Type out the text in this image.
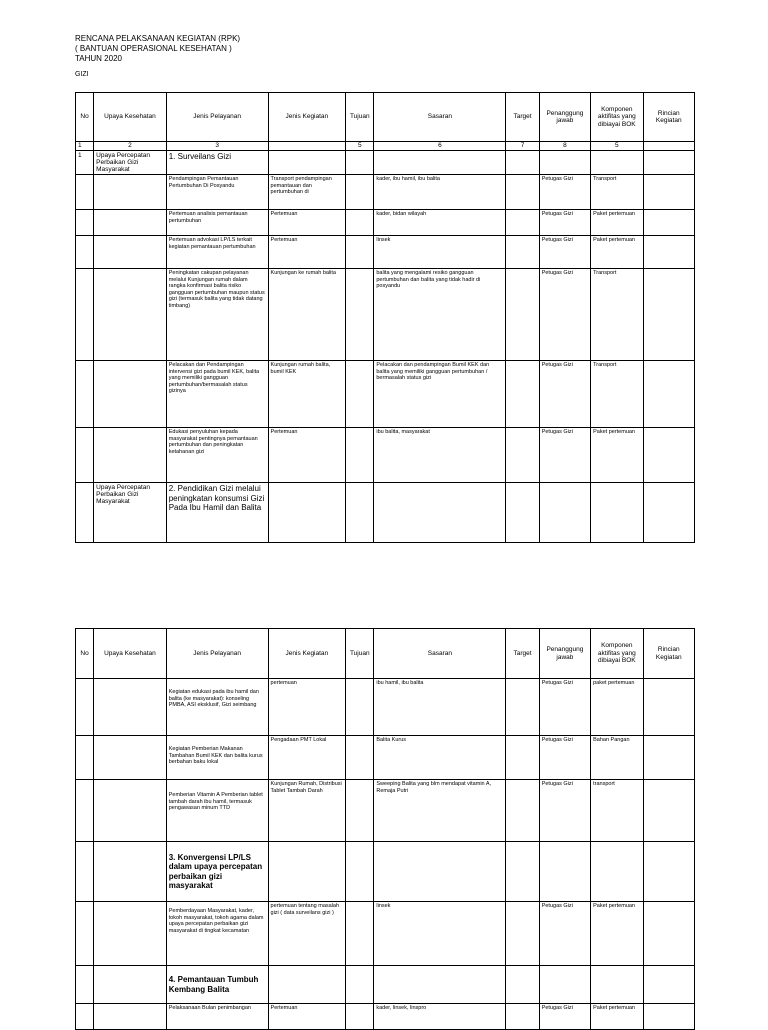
RENCANA PELAKSANAAN KEGIATAN (RPK)
( BANTUAN OPERASIONAL KESEHATAN )
TAHUN 2020
GIZI
No	Upaya Kesehatan	Jenis Pelayanan	Jenis Kegiatan	Tujuan	Sasaran	Target	Penanggung jawab	Komponen aktifitas yang dibiayai BOK	Rincian Kegiatan
1	2	3		5	6	7	8	5	
1	Upaya Percepatan Perbaikan Gizi Masyarakat	1. Surveilans Gizi							
		Pendampingan Pemantauan Pertumbuhan Di Posyandu	Transport pendampingan pemantauan dan pertumbuhan di		kader, ibu hamil, ibu balita		Petugas Gizi	Transport	
		Pertemuan analisis pemantauan pertumbuhan	Pertemuan		kader, bidan wilayah		Petugas Gizi	Paket pertemuan	
		Pertemuan advokasi LP/LS terkait kegiatan pemantauan pertumbuhan	Pertemuan		linsek		Petugas Gizi	Paket pertemuan	
		Peningkatan cakupan pelayanan melalui Kunjungan rumah dalam rangka konfirmasi balita risiko gangguan pertumbuhan maupun status gizi (termasuk balita yang tidak datang timbang)	Kunjungan ke rumah balita		balita yang mengalami resiko gangguan pertumbuhan dan balita yang tidak hadir di posyandu		Petugas Gizi	Transport	
		Pelacakan dan Pendampingan intervensi gizi pada bumil KEK, balita yang memiliki gangguan pertumbuhan/bermasalah status gizinya	Kunjungan rumah balita, bumil KEK		Pelacakan dan pendampingan Bumil KEK dan balita yang memiliki gangguan pertumbuhan / bermasalah status gizi		Petugas Gizi	Transport	
		Edukasi penyuluhan kepada masyarakat pentingnya pemantauan pertumbuhan dan peningkatan ketahanan gizi	Pertemuan		ibu balita, masyarakat		Petugas Gizi	Paket pertemuan	
	Upaya Percepatan Perbaikan Gizi Masyarakat	2. Pendidikan Gizi melalui peningkatan konsumsi Gizi Pada Ibu Hamil dan Balita							
No	Upaya Kesehatan	Jenis Pelayanan	Jenis Kegiatan	Tujuan	Sasaran	Target	Penanggung jawab	Komponen aktifitas yang dibiayai BOK	Rincian Kegiatan
		Kegiatan edukasi pada ibu hamil dan balita (ke masyarakat): konseling PMBA, ASI eksklusif, Gizi seimbang	pertemuan		ibu hamil, ibu balita		Petugas Gizi	paket pertemuan	
		Kegiatan Pemberian Makanan Tambahan Bumil KEK dan balita kurus berbahan baku lokal	Pengadaan PMT Lokal		Balita Kurus		Petugas Gizi	Bahan Pangan	
		Pemberian Vitamin A Pemberian tablet tambah darah ibu hamil, termasuk pengawasan minum TTD	Kunjungan Rumah, Distribusi Tablet Tambah Darah		Sweeping Balita yang blm mendapat vitamin A, Remaja Putri		Petugas Gizi	transport	
		3. Konvergensi LP/LS dalam upaya percepatan perbaikan gizi masyarakat							
		Pemberdayaan Masyarakat, kader, tokoh masyarakat, tokoh agama dalam upaya percepatan perbaikan gizi masyarakat di tingkat kecamatan	pertemuan tentang masalah gizi ( data surveilans gizi )		linsek		Petugas Gizi	Paket pertemuan	
		4. Pemantauan Tumbuh Kembang Balita							
		Pelaksanaan Bulan penimbangan	Pertemuan		kader, linsek, linspro		Petugas Gizi	Paket pertemuan	
